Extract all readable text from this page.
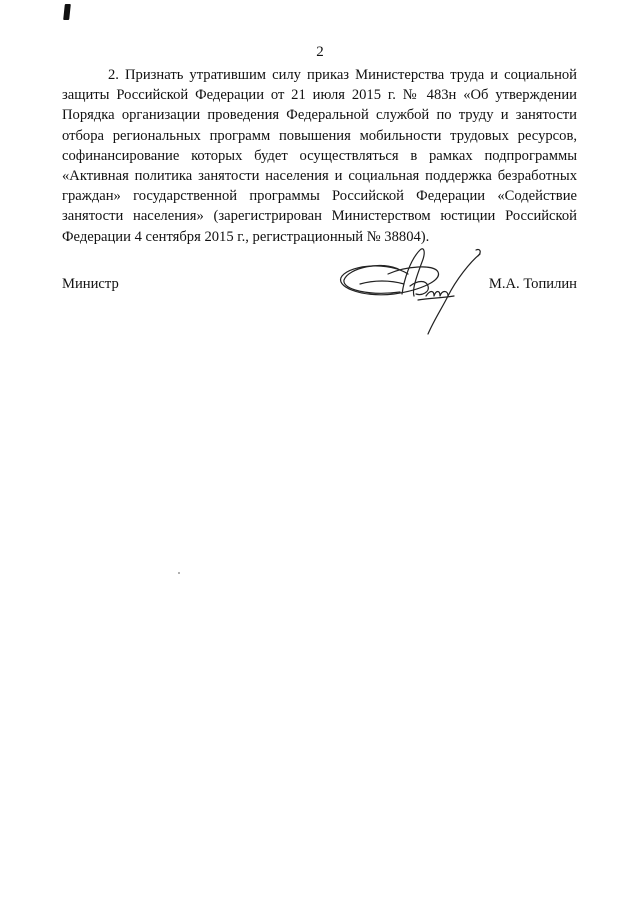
2

2. Признать утратившим силу приказ Министерства труда и социальной защиты Российской Федерации от 21 июля 2015 г. № 483н «Об утверждении Порядка организации проведения Федеральной службой по труду и занятости отбора региональных программ повышения мобильности трудовых ресурсов, софинансирование которых будет осуществляться в рамках подпрограммы «Активная политика занятости населения и социальная поддержка безработных граждан» государственной программы Российской Федерации «Содействие занятости населения» (зарегистрирован Министерством юстиции Российской Федерации 4 сентября 2015 г., регистрационный № 38804).

Министр	М.А. Топилин
